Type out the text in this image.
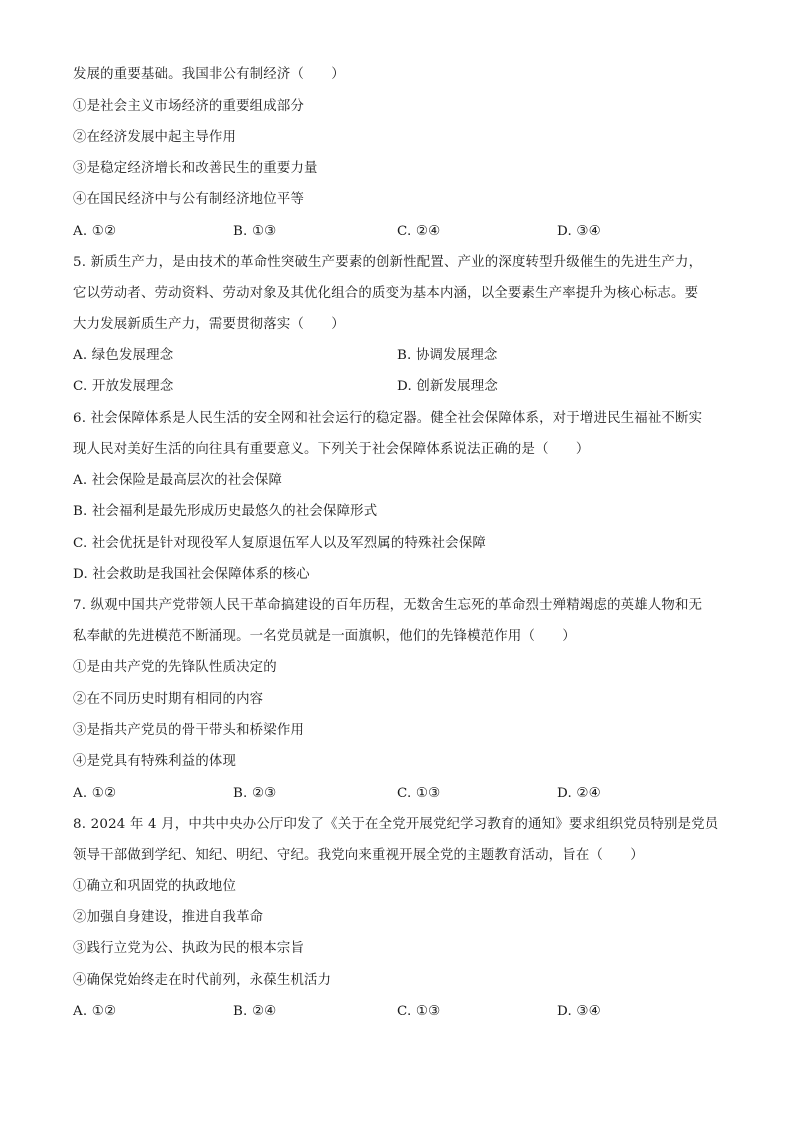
发展的重要基础。我国非公有制经济（　　）
①是社会主义市场经济的重要组成部分
②在经济发展中起主导作用
③是稳定经济增长和改善民生的重要力量
④在国民经济中与公有制经济地位平等
A. ①②	B. ①③	C. ②④	D. ③④
5. 新质生产力，是由技术的革命性突破生产要素的创新性配置、产业的深度转型升级催生的先进生产力，
它以劳动者、劳动资料、劳动对象及其优化组合的质变为基本内涵，以全要素生产率提升为核心标志。要
大力发展新质生产力，需要贯彻落实（　　）
A. 绿色发展理念	B. 协调发展理念
C. 开放发展理念	D. 创新发展理念
6. 社会保障体系是人民生活的安全网和社会运行的稳定器。健全社会保障体系，对于增进民生福祉不断实
现人民对美好生活的向往具有重要意义。下列关于社会保障体系说法正确的是（　　）
A. 社会保险是最高层次的社会保障
B. 社会福利是最先形成历史最悠久的社会保障形式
C. 社会优抚是针对现役军人复原退伍军人以及军烈属的特殊社会保障
D. 社会救助是我国社会保障体系的核心
7. 纵观中国共产党带领人民干革命搞建设的百年历程，无数舍生忘死的革命烈士殚精竭虑的英雄人物和无
私奉献的先进模范不断涌现。一名党员就是一面旗帜，他们的先锋模范作用（　　）
①是由共产党的先锋队性质决定的
②在不同历史时期有相同的内容
③是指共产党员的骨干带头和桥梁作用
④是党具有特殊利益的体现
A. ①②	B. ②③	C. ①③	D. ②④
8. 2024 年 4 月，中共中央办公厅印发了《关于在全党开展党纪学习教育的通知》要求组织党员特别是党员
领导干部做到学纪、知纪、明纪、守纪。我党向来重视开展全党的主题教育活动，旨在（　　）
①确立和巩固党的执政地位
②加强自身建设，推进自我革命
③践行立党为公、执政为民的根本宗旨
④确保党始终走在时代前列，永葆生机活力
A. ①②	B. ②④	C. ①③	D. ③④
